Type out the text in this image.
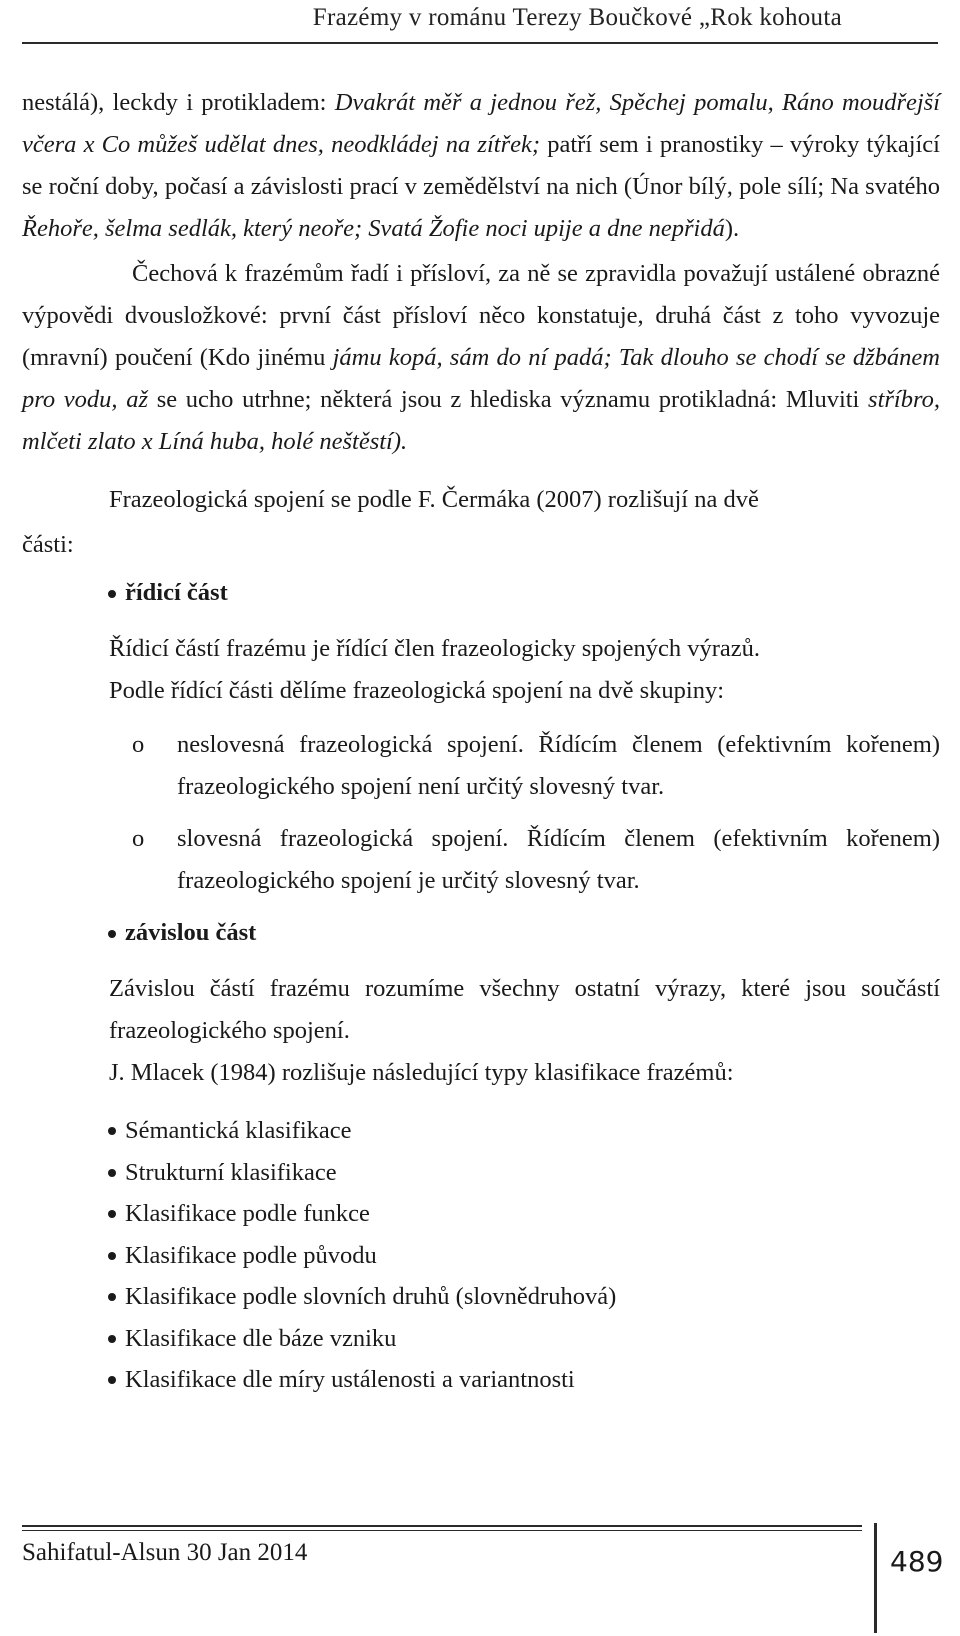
Frazémy v románu Terezy Boučkové „Rok kohouta

nestálá), leckdy i protikladem: Dvakrát měř a jednou řež, Spěchej pomalu, Ráno moudřejší včera x Co můžeš udělat dnes, neodkládej na zítřek; patří sem i pranostiky – výroky týkající se roční doby, počasí a závislosti prací v zemědělství na nich (Únor bílý, pole sílí; Na svatého Řehoře, šelma sedlák, který neoře; Svatá Žofie noci upije a dne nepřidá).

Čechová k frazémům řadí i přísloví, za ně se zpravidla považují ustálené obrazné výpovědi dvousložkové: první část přísloví něco konstatuje, druhá část z toho vyvozuje (mravní) poučení (Kdo jinému jámu kopá, sám do ní padá; Tak dlouho se chodí se džbánem pro vodu, až se ucho utrhne; některá jsou z hlediska významu protikladná: Mluviti stříbro, mlčeti zlato x Líná huba, holé neštěstí).

Frazeologická spojení se podle F. Čermáka (2007) rozlišují na dvě

části:

řídicí část

Řídicí částí frazému je řídící člen frazeologicky spojených výrazů.

Podle řídící části dělíme frazeologická spojení na dvě skupiny:

o neslovesná frazeologická spojení. Řídícím členem (efektivním kořenem) frazeologického spojení není určitý slovesný tvar.

o slovesná frazeologická spojení. Řídícím členem (efektivním kořenem) frazeologického spojení je určitý slovesný tvar.

závislou část

Závislou částí frazému rozumíme všechny ostatní výrazy, které jsou součástí frazeologického spojení.

J. Mlacek (1984) rozlišuje následující typy klasifikace frazémů:

Sémantická klasifikace
Strukturní klasifikace
Klasifikace podle funkce
Klasifikace podle původu
Klasifikace podle slovních druhů (slovnědruhová)
Klasifikace dle báze vzniku
Klasifikace dle míry ustálenosti a variantnosti
Sahifatul-Alsun 30 Jan 2014	489
